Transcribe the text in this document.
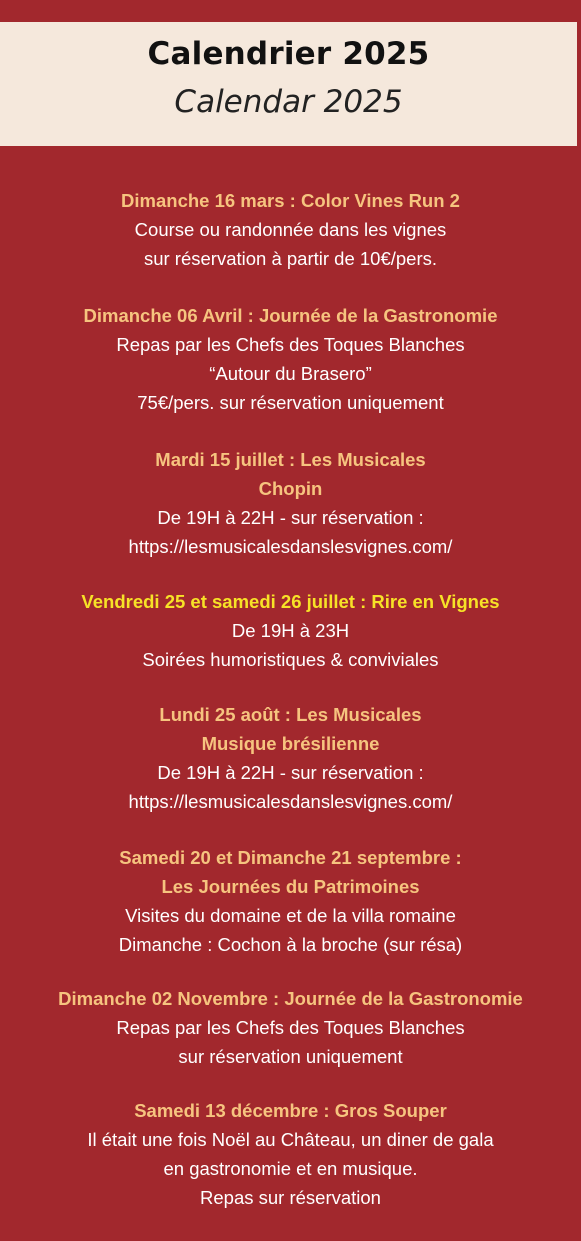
Calendrier 2025
Calendar 2025
Dimanche 16 mars : Color Vines Run 2
Course ou randonnée dans les vignes
sur réservation à partir de 10€/pers.
Dimanche 06 Avril : Journée de la Gastronomie
Repas par les Chefs des Toques Blanches
“Autour du Brasero”
75€/pers. sur réservation uniquement
Mardi 15 juillet : Les Musicales
Chopin
De 19H à 22H - sur réservation :
https://lesmusicalesdanslesvignes.com/
Vendredi 25 et samedi 26 juillet : Rire en Vignes
De 19H à 23H
Soirées humoristiques & conviviales
Lundi 25 août : Les Musicales
Musique brésilienne
De 19H à 22H - sur réservation :
https://lesmusicalesdanslesvignes.com/
Samedi 20 et Dimanche 21 septembre :
Les Journées du Patrimoines
Visites du domaine et de la villa romaine
Dimanche : Cochon à la broche (sur résa)
Dimanche 02 Novembre : Journée de la Gastronomie
Repas par les Chefs des Toques Blanches
sur réservation uniquement
Samedi 13 décembre : Gros Souper
Il était une fois Noël au Château, un diner de gala
en gastronomie et en musique.
Repas sur réservation
